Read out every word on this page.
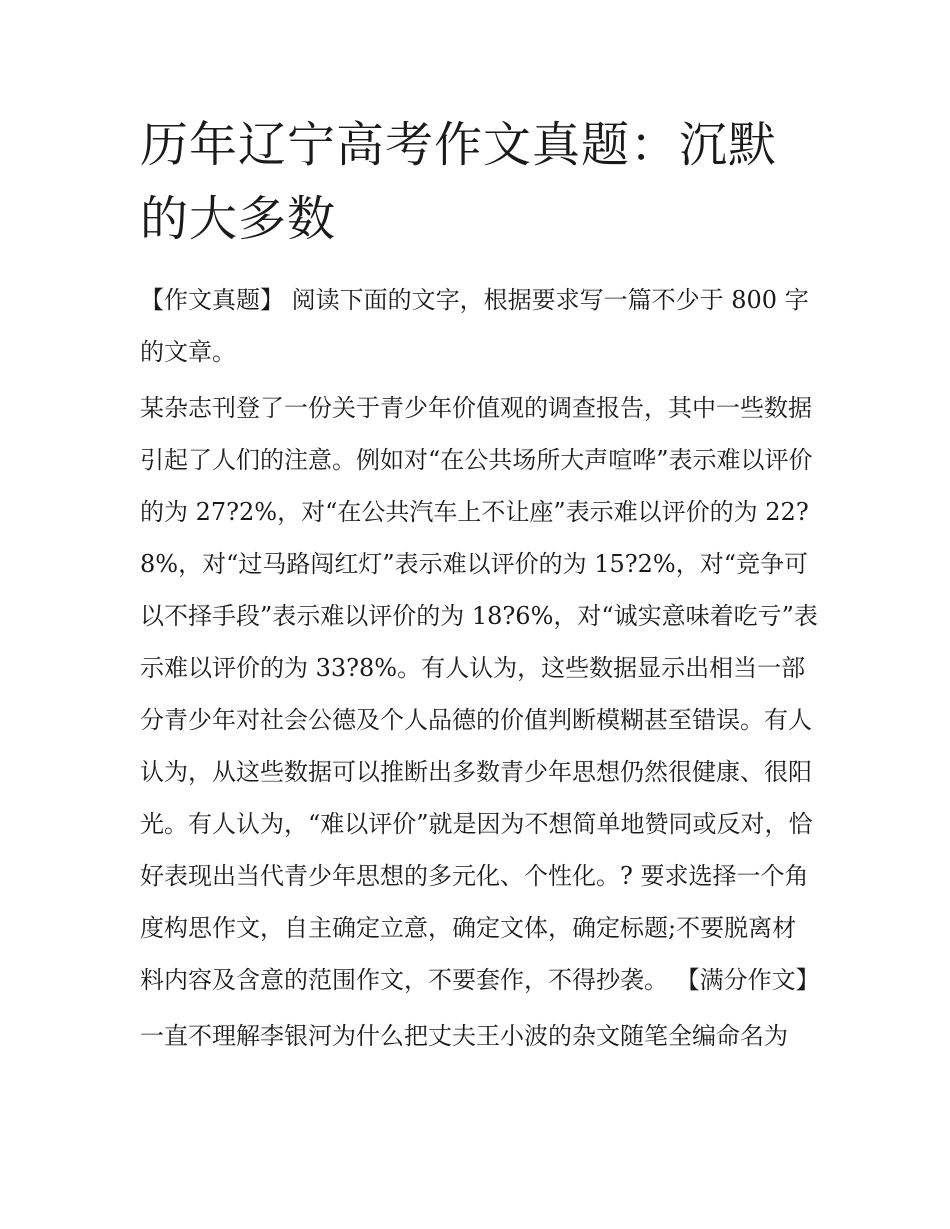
历年辽宁高考作文真题：沉默的大多数

【作文真题】 阅读下面的文字，根据要求写一篇不少于 800 字的文章。

某杂志刊登了一份关于青少年价值观的调查报告，其中一些数据引起了人们的注意。例如对“在公共场所大声喧哗”表示难以评价的为 27?2%，对“在公共汽车上不让座”表示难以评价的为 22?8%，对“过马路闯红灯”表示难以评价的为 15?2%，对“竞争可以不择手段”表示难以评价的为 18?6%，对“诚实意味着吃亏”表示难以评价的为 33?8%。有人认为，这些数据显示出相当一部分青少年对社会公德及个人品德的价值判断模糊甚至错误。有人认为，从这些数据可以推断出多数青少年思想仍然很健康、很阳光。有人认为，“难以评价”就是因为不想简单地赞同或反对，恰好表现出当代青少年思想的多元化、个性化。? 要求选择一个角度构思作文，自主确定立意，确定文体，确定标题;不要脱离材料内容及含意的范围作文，不要套作，不得抄袭。 【满分作文】

一直不理解李银河为什么把丈夫王小波的杂文随笔全编命名为
